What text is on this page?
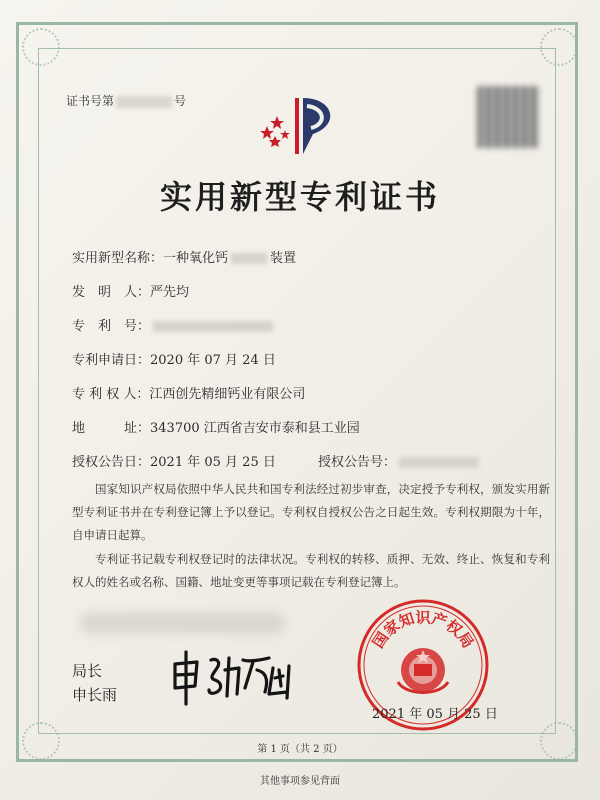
证书号第	号
实用新型专利证书
实用新型名称：一种氧化钙	装置
发　明　人：严先均
专　利　号：
专利申请日：2020 年 07 月 24 日
专 利 权 人：江西创先精细钙业有限公司
地　　　址：343700 江西省吉安市泰和县工业园
授权公告日：2021 年 05 月 25 日	授权公告号：
国家知识产权局依照中华人民共和国专利法经过初步审查，决定授予专利权，颁发实用新型专利证书并在专利登记簿上予以登记。专利权自授权公告之日起生效。专利权期限为十年，自申请日起算。
专利证书记载专利权登记时的法律状况。专利权的转移、质押、无效、终止、恢复和专利权人的姓名或名称、国籍、地址变更等事项记载在专利登记簿上。
局长
申长雨
国家知识产权局
2021 年 05 月 25 日
第 1 页（共 2 页）
其他事项参见背面
